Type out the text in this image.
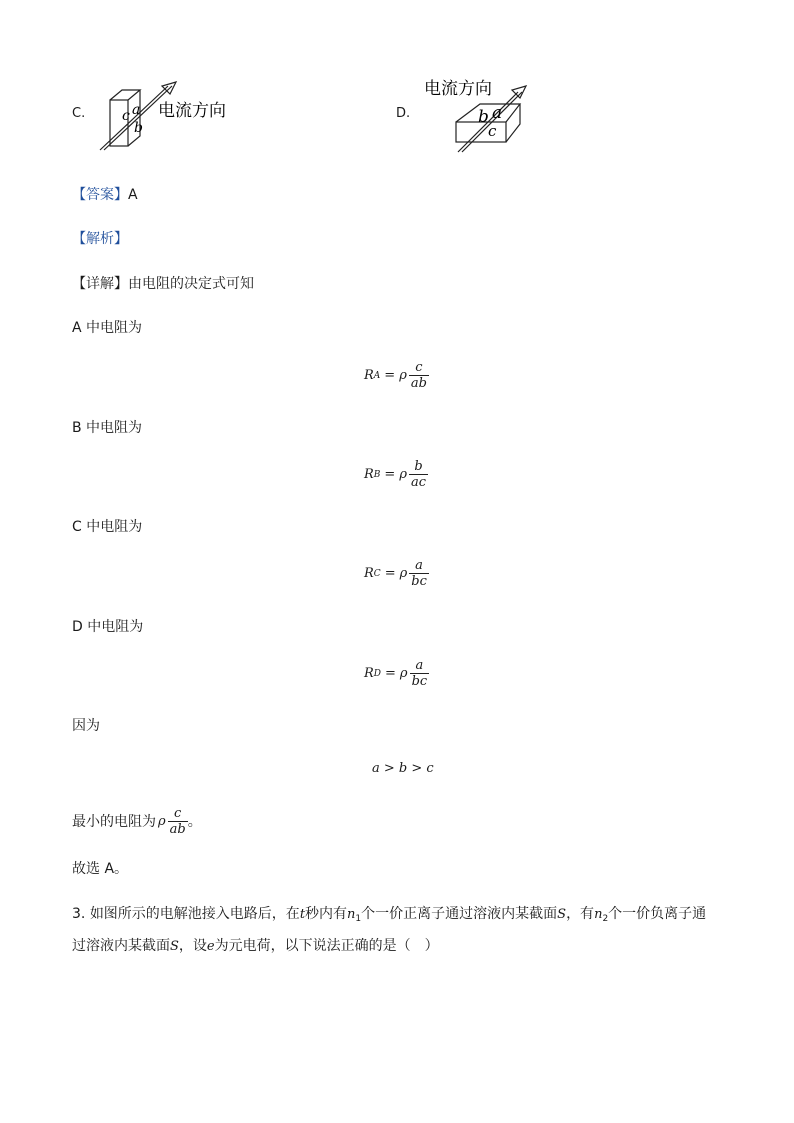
C.	c a
b
电流方向	D.
电流方向
b a
c
【答案】A
【解析】
【详解】由电阻的决定式可知
A 中电阻为
R A = ρ $\frac{c}{ab}$
B 中电阻为
R B = ρ $\frac{b}{ac}$
C 中电阻为
R C = ρ $\frac{a}{bc}$
D 中电阻为
R D = ρ $\frac{a}{bc}$
因为
a > b > c
最小的电阻为 ρ $\frac{c}{ab}$ 。
故选 A。
3. 如图所示的电解池接入电路后，在t秒内有$n_1$个一价正离子通过溶液内某截面S，有$n_2$个一价负离子通
过溶液内某截面S，设e为元电荷，以下说法正确的是（　）
